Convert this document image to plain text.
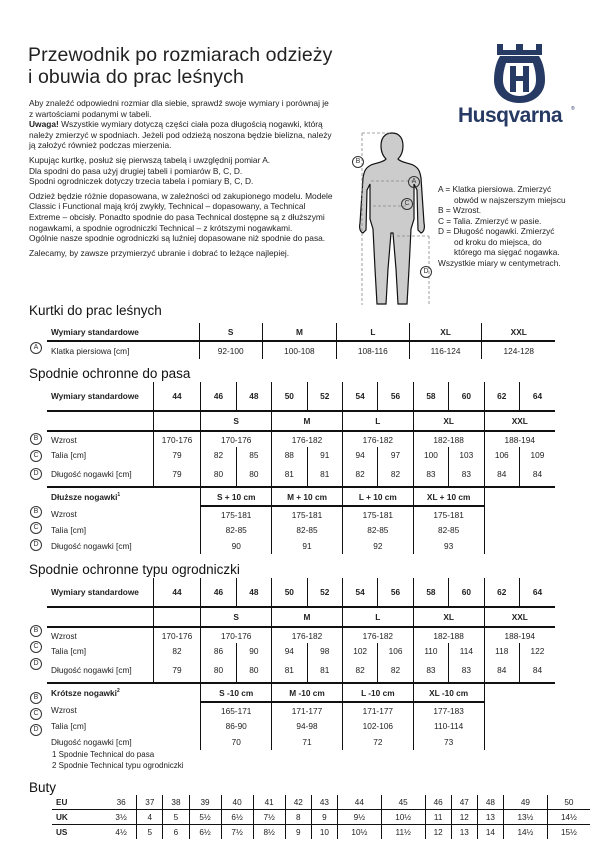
Przewodnik po rozmiarach odzieży
i obuwia do prac leśnych
Husqvarna ®

Aby znaleźć odpowiedni rozmiar dla siebie, sprawdź swoje wymiary i porównaj je z wartościami podanymi w tabeli.

Uwaga! Wszystkie wymiary dotyczą części ciała poza długością nogawki, którą należy zmierzyć w spodniach. Jeżeli pod odzieżą noszona będzie bielizna, należy ją założyć również podczas mierzenia.

Kupując kurtkę, posłuż się pierwszą tabelą i uwzględnij pomiar A.

Dla spodni do pasa użyj drugiej tabeli i pomiarów B, C, D.

Spodni ogrodniczek dotyczy trzecia tabela i pomiary B, C, D.

Odzież będzie różnie dopasowana, w zależności od zakupionego modelu. Modele Classic i Functional mają krój zwykły, Technical – dopasowany, a Technical Extreme – obcisły. Ponadto spodnie do pasa Technical dostępne są z dłuższymi nogawkami, a spodnie ogrodniczki Technical – z krótszymi nogawkami.

Ogólnie nasze spodnie ogrodniczki są luźniej dopasowane niż spodnie do pasa.

Zalecamy, by zawsze przymierzyć ubranie i dobrać to leżące najlepiej.

B
A
C
D
A = Klatka piersiowa. Zmierzyć
obwód w najszerszym miejscu
B = Wzrost.
C = Talia. Zmierzyć w pasie.
D = Długość nogawki. Zmierzyć
od kroku do miejsca, do
którego ma sięgać nogawka.
Wszystkie miary w centymetrach.
Kurtki do prac leśnych
A
Wymiary standardowe	S	M	L	XL	XXL
Klatka piersiowa [cm]	92-100	100-108	108-116	116-124	124-128
Spodnie ochronne do pasa
B
C
D
B
C
D
Wymiary standardowe	44	46	48	50	52	54	56	58	60	62	64
		S		M		L		XL		XXL	
Wzrost	170-176	170-176		176-182		176-182		182-188		188-194	
Talia [cm]	79	82	85	88	91	94	97	100	103	106	109
Długość nogawki [cm]	79	80	80	81	81	82	82	83	83	84	84
Dłuższe nogawki$^1$		S + 10 cm		M + 10 cm		L + 10 cm		XL + 10 cm			
Wzrost		175-181		175-181		175-181		175-181			
Talia [cm]		82-85		82-85		82-85		82-85			
Długość nogawki [cm]		90		91		92		93			
Spodnie ochronne typu ogrodniczki
B
C
D
B
C
D
Wymiary standardowe	44	46	48	50	52	54	56	58	60	62	64
		S		M		L		XL		XXL	
Wzrost	170-176	170-176		176-182		176-182		182-188		188-194	
Talia [cm]	82	86	90	94	98	102	106	110	114	118	122
Długość nogawki [cm]	79	80	80	81	81	82	82	83	83	84	84
Krótsze nogawki$^2$		S -10 cm		M -10 cm		L -10 cm		XL -10 cm			
Wzrost		165-171		171-177		171-177		177-183			
Talia [cm]		86-90		94-98		102-106		110-114			
Długość nogawki [cm]		70		71		72		73			
1 Spodnie Technical do pasa
2 Spodnie Technical typu ogrodniczki
Buty
EU	36	37	38	39	40	41	42	43	44	45	46	47	48	49	50
UK	3½	4	5	5½	6½	7½	8	9	9½	10½	11	12	13	13½	14½
US	4½	5	6	6½	7½	8½	9	10	10½	11½	12	13	14	14½	15½
